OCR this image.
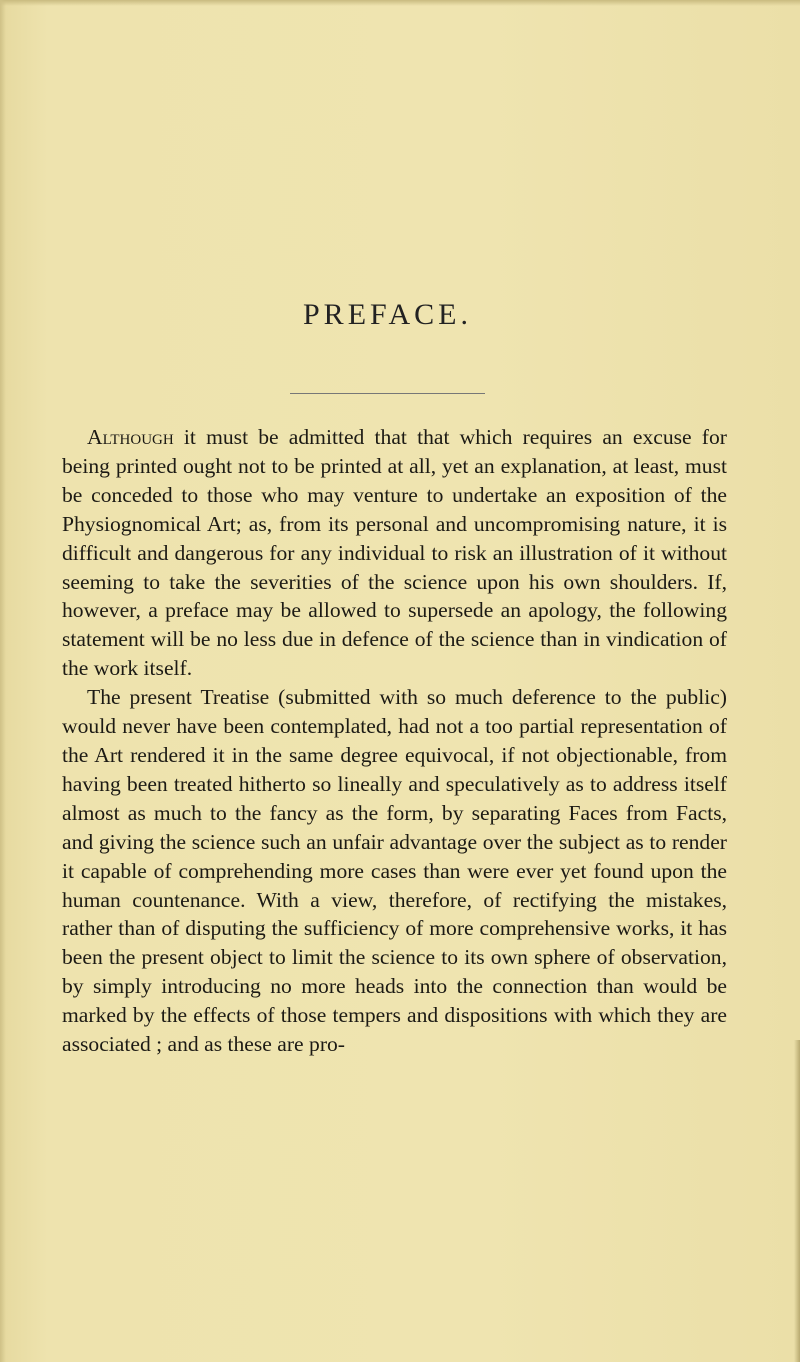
PREFACE.

Although it must be admitted that that which requires an excuse for being printed ought not to be printed at all, yet an explanation, at least, must be conceded to those who may venture to undertake an exposition of the Physiognomical Art; as, from its personal and uncompromising nature, it is difficult and dangerous for any individual to risk an illustration of it without seeming to take the severities of the science upon his own shoulders. If, however, a preface may be allowed to supersede an apology, the following statement will be no less due in defence of the science than in vindication of the work itself.

The present Treatise (submitted with so much deference to the public) would never have been contemplated, had not a too partial representation of the Art rendered it in the same degree equivocal, if not objectionable, from having been treated hitherto so lineally and speculatively as to address itself almost as much to the fancy as the form, by separating Faces from Facts, and giving the science such an unfair advantage over the subject as to render it capable of comprehending more cases than were ever yet found upon the human countenance. With a view, therefore, of rectifying the mistakes, rather than of disputing the sufficiency of more comprehensive works, it has been the present object to limit the science to its own sphere of observation, by simply introducing no more heads into the connection than would be marked by the effects of those tempers and dispositions with which they are associated ; and as these are pro-
